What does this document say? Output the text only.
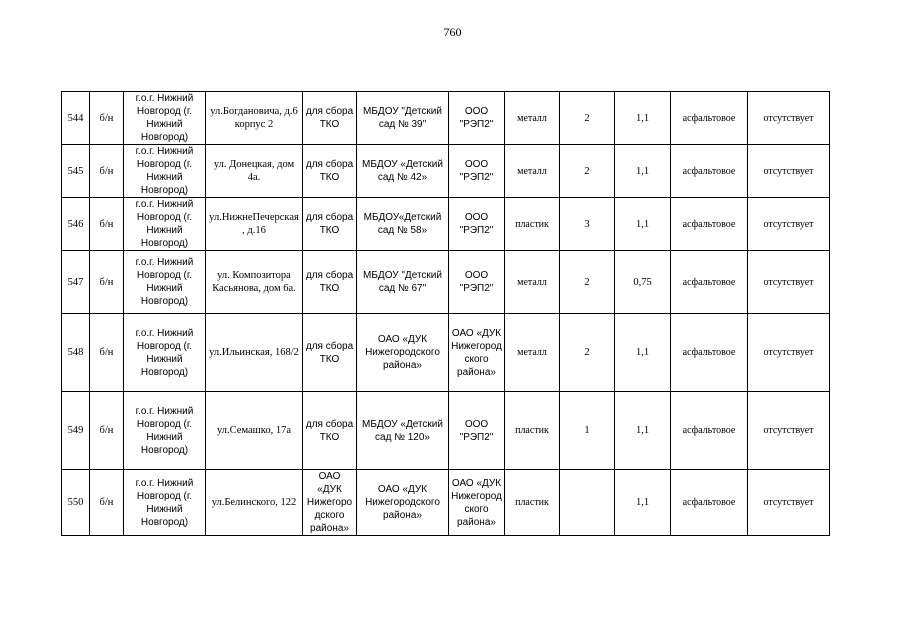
760
544	б/н	г.о.г. Нижний Новгород (г. Нижний Новгород)	ул.Богдановича, д.6 корпус 2	для сбора ТКО	МБДОУ "Детский сад № 39"	ООО "РЭП2"	металл	2	1,1	асфальтовое	отсутствует
545	б/н	г.о.г. Нижний Новгород (г. Нижний Новгород)	ул. Донецкая, дом 4а.	для сбора ТКО	МБДОУ «Детский сад № 42»	ООО "РЭП2"	металл	2	1,1	асфальтовое	отсутствует
546	б/н	г.о.г. Нижний Новгород (г. Нижний Новгород)	ул.НижнеПечерская, д.16	для сбора ТКО	МБДОУ«Детский сад № 58»	ООО "РЭП2"	пластик	3	1,1	асфальтовое	отсутствует
547	б/н	г.о.г. Нижний Новгород (г. Нижний Новгород)	ул. Композитора Касьянова, дом 6а.	для сбора ТКО	МБДОУ "Детский сад № 67"	ООО "РЭП2"	металл	2	0,75	асфальтовое	отсутствует
548	б/н	г.о.г. Нижний Новгород (г. Нижний Новгород)	ул.Ильинская, 168/2	для сбора ТКО	ОАО «ДУК Нижегородского района»	ОАО «ДУК Нижегородского района»	металл	2	1,1	асфальтовое	отсутствует
549	б/н	г.о.г. Нижний Новгород (г. Нижний Новгород)	ул.Семашко, 17а	для сбора ТКО	МБДОУ «Детский сад № 120»	ООО "РЭП2"	пластик	1	1,1	асфальтовое	отсутствует
550	б/н	г.о.г. Нижний Новгород (г. Нижний Новгород)	ул.Белинского, 122	ОАО «ДУК Нижегородского района»	ОАО «ДУК Нижегородского района»	ОАО «ДУК Нижегородского района»	пластик		1,1	асфальтовое	отсутствует
